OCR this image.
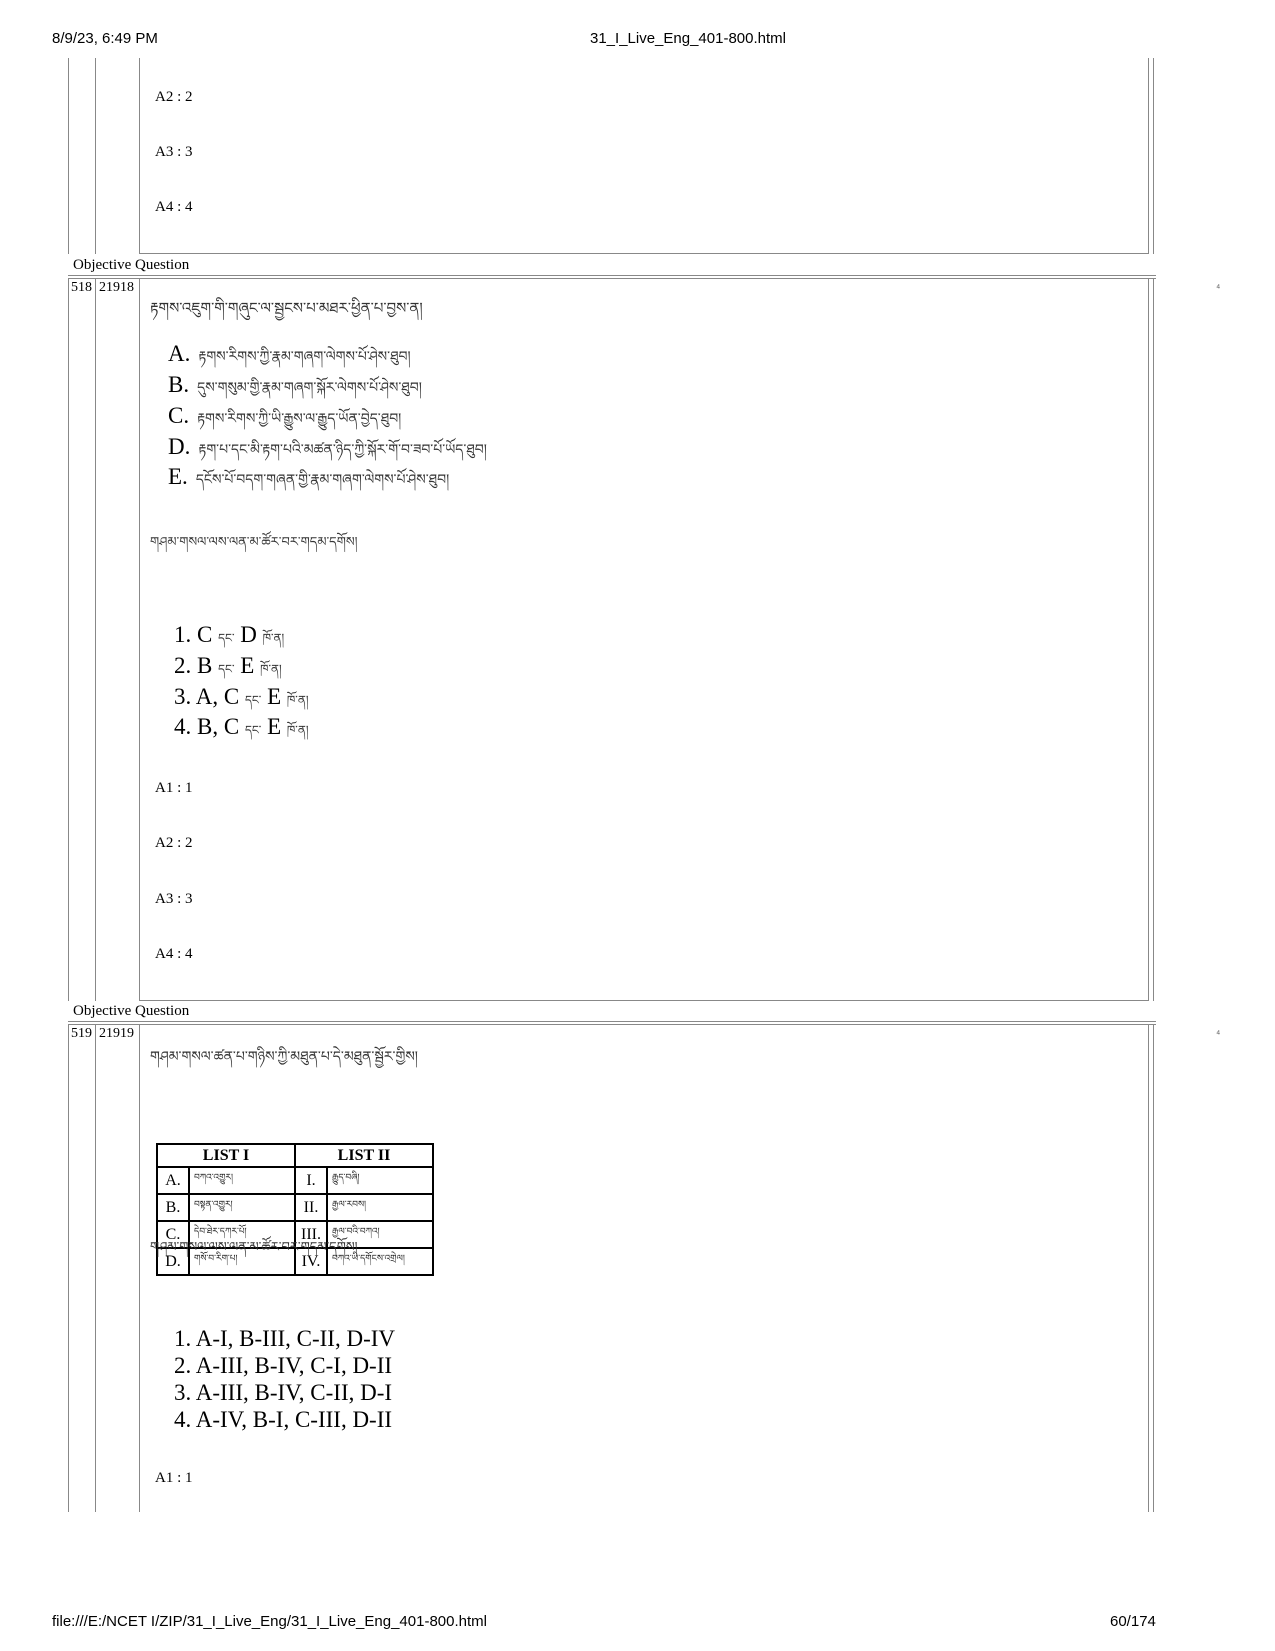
8/9/23, 6:49 PM	31_I_Live_Eng_401-800.html
A2 : 2
A3 : 3
A4 : 4
Objective Question
⁴
518 21918
རྟགས་འཇུག་གི་གཞུང་ལ་སྦྱངས་པ་མཐར་ཕྱིན་པ་བྱས་ན།
A. རྟགས་རིགས་ཀྱི་རྣམ་གཞག་ལེགས་པོ་ཤེས་ཐུབ།
B. དུས་གསུམ་གྱི་རྣམ་གཞག་སྐོར་ལེགས་པོ་ཤེས་ཐུབ།
C. རྟགས་རིགས་ཀྱི་ཡི་རྒྱུས་ལ་རྒྱུད་ཡོན་བྱེད་ཐུབ།
D. རྟག་པ་དང་མི་རྟག་པའི་མཚན་ཉིད་ཀྱི་སྐོར་གོ་བ་ཟབ་པོ་ཡོད་ཐུབ།
E. དངོས་པོ་བདག་གཞན་གྱི་རྣམ་གཞག་ལེགས་པོ་ཤེས་ཐུབ།
གཤམ་གསལ་ལས་ལན་མ་ཚོར་བར་གདམ་དགོས།
1. C དང་ D ཁོ་ན།
2. B དང་ E ཁོ་ན།
3. A, C དང་ E ཁོ་ན།
4. B, C དང་ E ཁོ་ན།
A1 : 1
A2 : 2
A3 : 3
A4 : 4
Objective Question
⁴
519 21919
གཤམ་གསལ་ཚན་པ་གཉིས་ཀྱི་མཐུན་པ་དེ་མཐུན་སྦྱོར་གྱིས།
LIST I		LIST II	
A.	བཀའ་འགྱུར།	I.	རྒྱུད་བཞི།
B.	བསྟན་འགྱུར།	II.	རྒྱལ་རབས།
C.	དེབ་ཐེར་དཀར་པོ།	III.	རྒྱལ་བའི་བཀའ།
D.	གསོ་བ་རིག་པ།	IV.	བཀའ་ཡི་དགོངས་འགྲེལ།
གཤམ་གསལ་ལས་ལན་མ་ཚོར་བར་གདམ་དགོས།
1. A-I, B-III, C-II, D-IV
2. A-III, B-IV, C-I, D-II
3. A-III, B-IV, C-II, D-I
4. A-IV, B-I, C-III, D-II
A1 : 1
file:///E:/NCET I/ZIP/31_I_Live_Eng/31_I_Live_Eng_401-800.html	60/174
